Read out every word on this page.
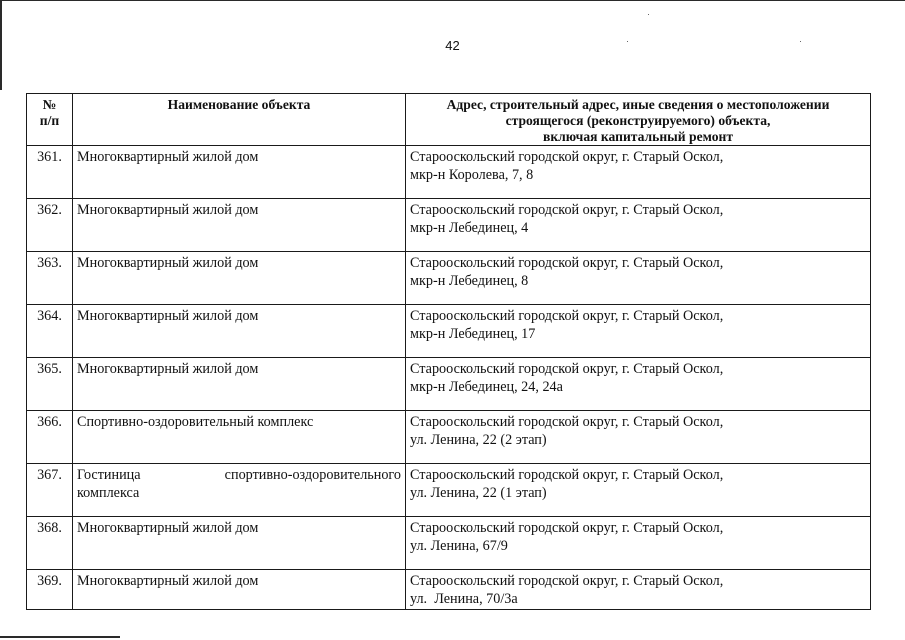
42
№
п/п	Наименование объекта	Адрес, строительный адрес, иные сведения о местоположении
строящегося (реконструируемого) объекта,
включая капитальный ремонт

361.	Многоквартирный жилой дом	Старооскольский городской округ, г. Старый Оскол,
мкр-н Королева, 7, 8

362.	Многоквартирный жилой дом	Старооскольский городской округ, г. Старый Оскол,
мкр-н Лебединец, 4

363.	Многоквартирный жилой дом	Старооскольский городской округ, г. Старый Оскол,
мкр-н Лебединец, 8

364.	Многоквартирный жилой дом	Старооскольский городской округ, г. Старый Оскол,
мкр-н Лебединец, 17

365.	Многоквартирный жилой дом	Старооскольский городской округ, г. Старый Оскол,
мкр-н Лебединец, 24, 24а

366.	Спортивно-оздоровительный комплекс	Старооскольский городской округ, г. Старый Оскол,
ул. Ленина, 22 (2 этап)

367.	Гостиница спортивно-оздоровительного
комплекса	Старооскольский городской округ, г. Старый Оскол,
ул. Ленина, 22 (1 этап)

368.	Многоквартирный жилой дом	Старооскольский городской округ, г. Старый Оскол,
ул. Ленина, 67/9

369.	Многоквартирный жилой дом	Старооскольский городской округ, г. Старый Оскол,
ул.  Ленина, 70/3а
